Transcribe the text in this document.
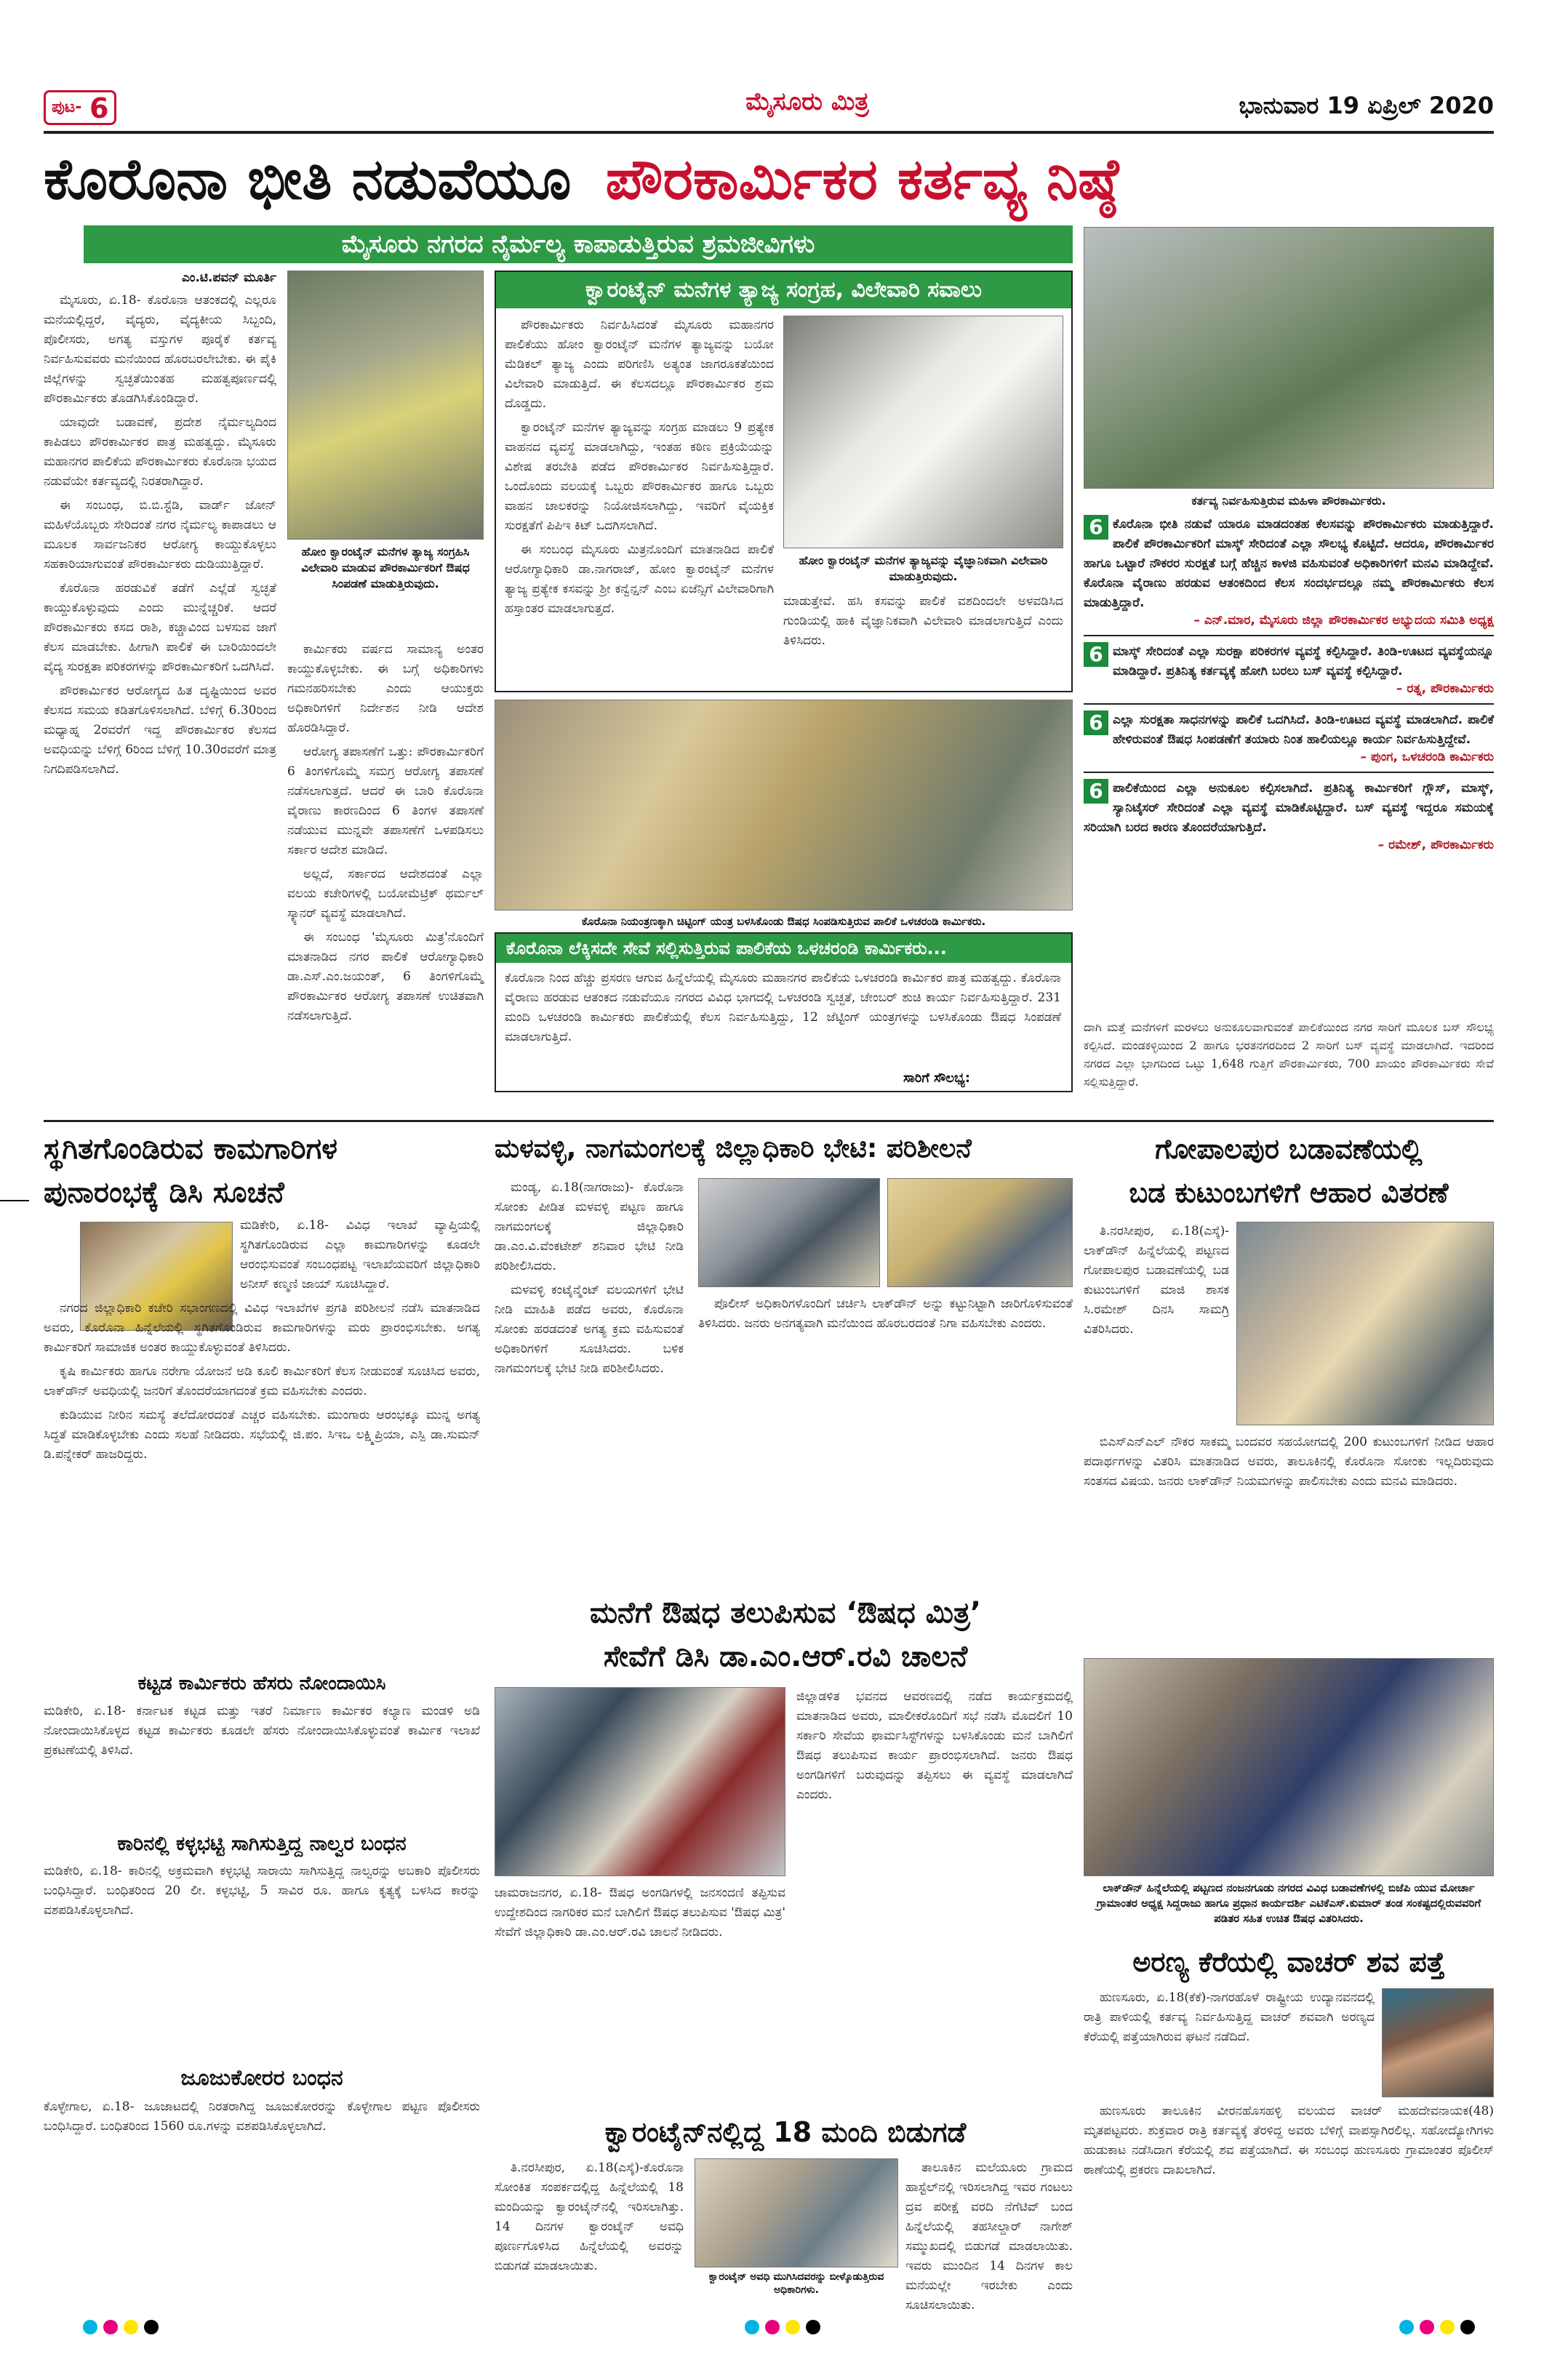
ಪುಟ- 6	ಮೈಸೂರು ಮಿತ್ರ	ಭಾನುವಾರ 19 ಏಪ್ರಿಲ್ 2020
ಕೊರೊನಾ ಭೀತಿ ನಡುವೆಯೂ ಪೌರಕಾರ್ಮಿಕರ ಕರ್ತವ್ಯ ನಿಷ್ಠೆ
ಮೈಸೂರು ನಗರದ ನೈರ್ಮಲ್ಯ ಕಾಪಾಡುತ್ತಿರುವ ಶ್ರಮಜೀವಿಗಳು
ಎಂ.ಟಿ.ಪವನ್ ಮೂರ್ತಿ

ಮೈಸೂರು, ಏ.18- ಕೊರೊನಾ ಆತಂಕದಲ್ಲಿ ಎಲ್ಲರೂ ಮನೆಯಲ್ಲಿದ್ದರೆ, ವೈದ್ಯರು, ವೈದ್ಯಕೀಯ ಸಿಬ್ಬಂದಿ, ಪೊಲೀಸರು, ಅಗತ್ಯ ವಸ್ತುಗಳ ಪೂರೈಕೆ ಕರ್ತವ್ಯ ನಿರ್ವಹಿಸುವವರು ಮನೆಯಿಂದ ಹೊರಬರಲೇಬೇಕು. ಈ ಪೈಕಿ ಜಿಲ್ಲೆಗಳನ್ನು ಸ್ವಚ್ಛತೆಯಿಂತಹ ಮಹತ್ವಪೂರ್ಣದಲ್ಲಿ ಪೌರಕಾರ್ಮಿಕರು ತೊಡಗಿಸಿಕೊಂಡಿದ್ದಾರೆ.

ಯಾವುದೇ ಬಡಾವಣೆ, ಪ್ರದೇಶ ನೈರ್ಮಲ್ಯದಿಂದ ಕಾಪಿಡಲು ಪೌರಕಾರ್ಮಿಕರ ಪಾತ್ರ ಮಹತ್ವದ್ದು. ಮೈಸೂರು ಮಹಾನಗರ ಪಾಲಿಕೆಯ ಪೌರಕಾರ್ಮಿಕರು ಕೊರೊನಾ ಭಯದ ನಡುವೆಯೇ ಕರ್ತವ್ಯದಲ್ಲಿ ನಿರತರಾಗಿದ್ದಾರೆ.

ಈ ಸಂಬಂಧ, ಬಿ.ಬಿ.ಸ್ಟೆಡಿ, ವಾರ್ಡ್ ಜೋನ್ ಮಹಿಳೆಯೊಬ್ಬರು ಸೇರಿದಂತೆ ನಗರ ನೈರ್ಮಲ್ಯ ಕಾಪಾಡಲು ಆ ಮೂಲಕ ಸಾರ್ವಜನಿಕರ ಆರೋಗ್ಯ ಕಾಯ್ದುಕೊಳ್ಳಲು ಸಹಕಾರಿಯಾಗುವಂತೆ ಪೌರಕಾರ್ಮಿಕರು ದುಡಿಯುತ್ತಿದ್ದಾರೆ.

ಕೊರೊನಾ ಹರಡುವಿಕೆ ತಡೆಗೆ ಎಲ್ಲೆಡೆ ಸ್ವಚ್ಛತೆ ಕಾಯ್ದುಕೊಳ್ಳುವುದು ಎಂದು ಮುನ್ನೆಚ್ಚರಿಕೆ. ಆದರೆ ಪೌರಕಾರ್ಮಿಕರು ಕಸದ ರಾಶಿ, ಕಚ್ಚಾವಿಂದ ಬಳಸುವ ಜಾಗೆ ಕೆಲಸ ಮಾಡಬೇಕು. ಹೀಗಾಗಿ ಪಾಲಿಕೆ ಈ ಬಾರಿಯಿಂದಲೇ ವೈದ್ಯ ಸುರಕ್ಷತಾ ಪರಿಕರಗಳನ್ನು ಪೌರಕಾರ್ಮಿಕರಿಗೆ ಒದಗಿಸಿದೆ.

ಪೌರಕಾರ್ಮಿಕರ ಆರೋಗ್ಯದ ಹಿತ ದೃಷ್ಟಿಯಿಂದ ಅವರ ಕೆಲಸದ ಸಮಯ ಕಡಿತಗೊಳಿಸಲಾಗಿದೆ. ಬೆಳಿಗ್ಗೆ 6.30ರಿಂದ ಮಧ್ಯಾಹ್ನ 2ರವರೆಗೆ ಇದ್ದ ಪೌರಕಾರ್ಮಿಕರ ಕೆಲಸದ ಅವಧಿಯನ್ನು ಬೆಳಿಗ್ಗೆ 6ರಿಂದ ಬೆಳಿಗ್ಗೆ 10.30ರವರೆಗೆ ಮಾತ್ರ ನಿಗದಿಪಡಿಸಲಾಗಿದೆ.

ಹೋಂ ಕ್ವಾರಂಟೈನ್ ಮನೆಗಳ ತ್ಯಾಜ್ಯ ಸಂಗ್ರಹಿಸಿ ವಿಲೇವಾರಿ ಮಾಡುವ ಪೌರಕಾರ್ಮಿಕರಿಗೆ ಔಷಧ ಸಿಂಪಡಣೆ ಮಾಡುತ್ತಿರುವುದು.

ಕಾರ್ಮಿಕರು ವರ್ಷದ ಸಾಮಾನ್ಯ ಅಂತರ ಕಾಯ್ದುಕೊಳ್ಳಬೇಕು. ಈ ಬಗ್ಗೆ ಅಧಿಕಾರಿಗಳು ಗಮನಹರಿಸಬೇಕು ಎಂದು ಆಯುಕ್ತರು ಅಧಿಕಾರಿಗಳಿಗೆ ನಿರ್ದೇಶನ ನೀಡಿ ಆದೇಶ ಹೊರಡಿಸಿದ್ದಾರೆ.

ಆರೋಗ್ಯ ತಪಾಸಣೆಗೆ ಒತ್ತು: ಪೌರಕಾರ್ಮಿಕರಿಗೆ 6 ತಿಂಗಳಿಗೊಮ್ಮೆ ಸಮಗ್ರ ಆರೋಗ್ಯ ತಪಾಸಣೆ ನಡೆಸಲಾಗುತ್ತದೆ. ಆದರೆ ಈ ಬಾರಿ ಕೊರೊನಾ ವೈರಾಣು ಕಾರಣದಿಂದ 6 ತಿಂಗಳ ತಪಾಸಣೆ ನಡೆಯುವ ಮುನ್ನವೇ ತಪಾಸಣೆಗೆ ಒಳಪಡಿಸಲು ಸರ್ಕಾರ ಆದೇಶ ಮಾಡಿದೆ.

ಅಲ್ಲದೆ, ಸರ್ಕಾರದ ಆದೇಶದಂತೆ ಎಲ್ಲಾ ವಲಯ ಕಚೇರಿಗಳಲ್ಲಿ ಬಯೋಮೆಟ್ರಿಕ್ ಥರ್ಮಲ್ ಸ್ಕ್ಯಾನರ್ ವ್ಯವಸ್ಥೆ ಮಾಡಲಾಗಿದೆ.

ಈ ಸಂಬಂಧ 'ಮೈಸೂರು ಮಿತ್ರ'ನೊಂದಿಗೆ ಮಾತನಾಡಿದ ನಗರ ಪಾಲಿಕೆ ಆರೋಗ್ಯಾಧಿಕಾರಿ ಡಾ.ಎಸ್.ಎಂ.ಜಯಂತ್, 6 ತಿಂಗಳಿಗೊಮ್ಮೆ ಪೌರಕಾರ್ಮಿಕರ ಆರೋಗ್ಯ ತಪಾಸಣೆ ಉಚಿತವಾಗಿ ನಡೆಸಲಾಗುತ್ತಿದೆ.

ಕ್ವಾರಂಟೈನ್ ಮನೆಗಳ ತ್ಯಾಜ್ಯ ಸಂಗ್ರಹ, ವಿಲೇವಾರಿ ಸವಾಲು

ಪೌರಕಾರ್ಮಿಕರು ನಿರ್ವಹಿಸಿದಂತೆ ಮೈಸೂರು ಮಹಾನಗರ ಪಾಲಿಕೆಯು ಹೋಂ ಕ್ವಾರಂಟೈನ್ ಮನೆಗಳ ತ್ಯಾಜ್ಯವನ್ನು ಬಯೋ ಮೆಡಿಕಲ್ ತ್ಯಾಜ್ಯ ಎಂದು ಪರಿಗಣಿಸಿ ಅತ್ಯಂತ ಜಾಗರೂಕತೆಯಿಂದ ವಿಲೇವಾರಿ ಮಾಡುತ್ತಿದೆ. ಈ ಕೆಲಸದಲ್ಲೂ ಪೌರಕಾರ್ಮಿಕರ ಶ್ರಮ ದೊಡ್ಡದು.

ಕ್ವಾರಂಟೈನ್ ಮನೆಗಳ ತ್ಯಾಜ್ಯವನ್ನು ಸಂಗ್ರಹ ಮಾಡಲು 9 ಪ್ರತ್ಯೇಕ ವಾಹನದ ವ್ಯವಸ್ಥೆ ಮಾಡಲಾಗಿದ್ದು, ಇಂತಹ ಕಠಿಣ ಪ್ರಕ್ರಿಯೆಯನ್ನು ವಿಶೇಷ ತರಬೇತಿ ಪಡೆದ ಪೌರಕಾರ್ಮಿಕರ ನಿರ್ವಹಿಸುತ್ತಿದ್ದಾರೆ. ಒಂದೊಂದು ವಲಯಕ್ಕೆ ಒಬ್ಬರು ಪೌರಕಾರ್ಮಿಕರ ಹಾಗೂ ಒಬ್ಬರು ವಾಹನ ಚಾಲಕರನ್ನು ನಿಯೋಜಿಸಲಾಗಿದ್ದು, ಇವರಿಗೆ ವೈಯಕ್ತಿಕ ಸುರಕ್ಷತೆಗೆ ಪಿಪಿಇ ಕಿಟ್ ಒದಗಿಸಲಾಗಿದೆ.

ಈ ಸಂಬಂಧ ಮೈಸೂರು ಮಿತ್ರನೊಂದಿಗೆ ಮಾತನಾಡಿದ ಪಾಲಿಕೆ ಆರೋಗ್ಯಾಧಿಕಾರಿ ಡಾ.ನಾಗರಾಜ್, ಹೋಂ ಕ್ವಾರಂಟೈನ್ ಮನೆಗಳ ತ್ಯಾಜ್ಯ ಪ್ರತ್ಯೇಕ ಕಸವನ್ನು ಶ್ರೀ ಕನ್ವೆನ್ಷನ್ ಎಂಬ ಏಜೆನ್ಸಿಗೆ ವಿಲೇವಾರಿಗಾಗಿ ಹಸ್ತಾಂತರ ಮಾಡಲಾಗುತ್ತದೆ.

ಹೋಂ ಕ್ವಾರಂಟೈನ್ ಮನೆಗಳ ತ್ಯಾಜ್ಯವನ್ನು ವೈಜ್ಞಾನಿಕವಾಗಿ ವಿಲೇವಾರಿ ಮಾಡುತ್ತಿರುವುದು.
ಮಾಡುತ್ತೇವೆ. ಹಸಿ ಕಸವನ್ನು ಪಾಲಿಕೆ ವಶದಿಂದಲೇ ಅಳವಡಿಸಿದ ಗುಂಡಿಯಲ್ಲಿ ಹಾಕಿ ವೈಜ್ಞಾನಿಕವಾಗಿ ವಿಲೇವಾರಿ ಮಾಡಲಾಗುತ್ತಿದೆ ಎಂದು ತಿಳಿಸಿದರು.
ಕರ್ತವ್ಯ ನಿರ್ವಹಿಸುತ್ತಿರುವ ಮಹಿಳಾ ಪೌರಕಾರ್ಮಿಕರು.
6 ಕೊರೊನಾ ಭೀತಿ ನಡುವೆ ಯಾರೂ ಮಾಡದಂತಹ ಕೆಲಸವನ್ನು ಪೌರಕಾರ್ಮಿಕರು ಮಾಡುತ್ತಿದ್ದಾರೆ. ಪಾಲಿಕೆ ಪೌರಕಾರ್ಮಿಕರಿಗೆ ಮಾಸ್ಕ್ ಸೇರಿದಂತೆ ಎಲ್ಲಾ ಸೌಲಭ್ಯ ಕೊಟ್ಟಿದೆ. ಆದರೂ, ಪೌರಕಾರ್ಮಿಕರ ಹಾಗೂ ಒಟ್ಟಾರೆ ನೌಕರರ ಸುರಕ್ಷತೆ ಬಗ್ಗೆ ಹೆಚ್ಚಿನ ಕಾಳಜಿ ವಹಿಸುವಂತೆ ಅಧಿಕಾರಿಗಳಿಗೆ ಮನವಿ ಮಾಡಿದ್ದೇವೆ. ಕೊರೊನಾ ವೈರಾಣು ಹರಡುವ ಆತಂಕದಿಂದ ಕೆಲಸ ಸಂದರ್ಭದಲ್ಲೂ ನಮ್ಮ ಪೌರಕಾರ್ಮಿಕರು ಕೆಲಸ ಮಾಡುತ್ತಿದ್ದಾರೆ.
– ಎನ್.ಮಾರ, ಮೈಸೂರು ಜಿಲ್ಲಾ ಪೌರಕಾರ್ಮಿಕರ ಅಭ್ಯುದಯ ಸಮಿತಿ ಅಧ್ಯಕ್ಷ
6 ಮಾಸ್ಕ್ ಸೇರಿದಂತೆ ಎಲ್ಲಾ ಸುರಕ್ಷಾ ಪರಿಕರಗಳ ವ್ಯವಸ್ಥೆ ಕಲ್ಪಿಸಿದ್ದಾರೆ. ತಿಂಡಿ-ಊಟದ ವ್ಯವಸ್ಥೆಯನ್ನೂ ಮಾಡಿದ್ದಾರೆ. ಪ್ರತಿನಿತ್ಯ ಕರ್ತವ್ಯಕ್ಕೆ ಹೋಗಿ ಬರಲು ಬಸ್ ವ್ಯವಸ್ಥೆ ಕಲ್ಪಿಸಿದ್ದಾರೆ.
– ರತ್ನ, ಪೌರಕಾರ್ಮಿಕರು
6 ಎಲ್ಲಾ ಸುರಕ್ಷತಾ ಸಾಧನಗಳನ್ನು ಪಾಲಿಕೆ ಒದಗಿಸಿದೆ. ತಿಂಡಿ-ಊಟದ ವ್ಯವಸ್ಥೆ ಮಾಡಲಾಗಿದೆ. ಪಾಲಿಕೆ ಹೇಳಿರುವಂತೆ ಔಷಧ ಸಿಂಪಡಣೆಗೆ ತಯಾರು ನಿಂತ ಹಾಲಿಯಲ್ಲೂ ಕಾರ್ಯ ನಿರ್ವಹಿಸುತ್ತಿದ್ದೇವೆ.
– ಪುಂಗ, ಒಳಚರಂಡಿ ಕಾರ್ಮಿಕರು
6 ಪಾಲಿಕೆಯಿಂದ ಎಲ್ಲಾ ಅನುಕೂಲ ಕಲ್ಪಿಸಲಾಗಿದೆ. ಪ್ರತಿನಿತ್ಯ ಕಾರ್ಮಿಕರಿಗೆ ಗ್ಲೌಸ್, ಮಾಸ್ಕ್, ಸ್ಯಾನಿಟೈಸರ್ ಸೇರಿದಂತೆ ಎಲ್ಲಾ ವ್ಯವಸ್ಥೆ ಮಾಡಿಕೊಟ್ಟಿದ್ದಾರೆ. ಬಸ್ ವ್ಯವಸ್ಥೆ ಇದ್ದರೂ ಸಮಯಕ್ಕೆ ಸರಿಯಾಗಿ ಬರದ ಕಾರಣ ತೊಂದರೆಯಾಗುತ್ತಿದೆ.
– ರಮೇಶ್, ಪೌರಕಾರ್ಮಿಕರು
ಕೊರೊನಾ ನಿಯಂತ್ರಣಕ್ಕಾಗಿ ಚಿಟ್ಟಿಂಗ್ ಯಂತ್ರ ಬಳಸಿಕೊಂಡು ಔಷಧ ಸಿಂಪಡಿಸುತ್ತಿರುವ ಪಾಲಿಕೆ ಒಳಚರಂಡಿ ಕಾರ್ಮಿಕರು.
ಕೊರೊನಾ ಲೆಕ್ಕಿಸದೇ ಸೇವೆ ಸಲ್ಲಿಸುತ್ತಿರುವ ಪಾಲಿಕೆಯ ಒಳಚರಂಡಿ ಕಾರ್ಮಿಕರು...
ಕೊರೊನಾ ನಿಂದ ಹೆಚ್ಚು ಪ್ರಸರಣ ಆಗುವ ಹಿನ್ನೆಲೆಯಲ್ಲಿ ಮೈಸೂರು ಮಹಾನಗರ ಪಾಲಿಕೆಯ ಒಳಚರಂಡಿ ಕಾರ್ಮಿಕರ ಪಾತ್ರ ಮಹತ್ವದ್ದು. ಕೊರೊನಾ ವೈರಾಣು ಹರಡುವ ಆತಂಕದ ನಡುವೆಯೂ ನಗರದ ವಿವಿಧ ಭಾಗದಲ್ಲಿ ಒಳಚರಂಡಿ ಸ್ವಚ್ಛತೆ, ಚೇಂಬರ್ ಶುಚಿ ಕಾರ್ಯ ನಿರ್ವಹಿಸುತ್ತಿದ್ದಾರೆ. 231 ಮಂದಿ ಒಳಚರಂಡಿ ಕಾರ್ಮಿಕರು ಪಾಲಿಕೆಯಲ್ಲಿ ಕೆಲಸ ನಿರ್ವಹಿಸುತ್ತಿದ್ದು, 12 ಜೆಟ್ಟಿಂಗ್ ಯಂತ್ರಗಳನ್ನು ಬಳಸಿಕೊಂಡು ಔಷಧ ಸಿಂಪಡಣೆ ಮಾಡಲಾಗುತ್ತಿದೆ.
ಸಾರಿಗೆ ಸೌಲಭ್ಯ:
ದಾಗಿ ಮತ್ತೆ ಮನೆಗಳಿಗೆ ಮರಳಲು ಅನುಕೂಲವಾಗುವಂತೆ ಪಾಲಿಕೆಯಿಂದ ನಗರ ಸಾರಿಗೆ ಮೂಲಕ ಬಸ್ ಸೌಲಭ್ಯ ಕಲ್ಪಿಸಿದೆ. ಮಂಡಕಳ್ಳಿಯಿಂದ 2 ಹಾಗೂ ಭರತನಗರದಿಂದ 2 ಸಾರಿಗೆ ಬಸ್ ವ್ಯವಸ್ಥೆ ಮಾಡಲಾಗಿದೆ. ಇದರಿಂದ ನಗರದ ಎಲ್ಲಾ ಭಾಗದಿಂದ ಒಟ್ಟು 1,648 ಗುತ್ತಿಗೆ ಪೌರಕಾರ್ಮಿಕರು, 700 ಖಾಯಂ ಪೌರಕಾರ್ಮಿಕರು ಸೇವೆ ಸಲ್ಲಿಸುತ್ತಿದ್ದಾರೆ.
ಸ್ಥಗಿತಗೊಂಡಿರುವ ಕಾಮಗಾರಿಗಳ
ಪುನಾರಂಭಕ್ಕೆ ಡಿಸಿ ಸೂಚನೆ

ಮಡಿಕೇರಿ, ಏ.18- ವಿವಿಧ ಇಲಾಖೆ ವ್ಯಾಪ್ತಿಯಲ್ಲಿ ಸ್ಥಗಿತಗೊಂಡಿರುವ ಎಲ್ಲಾ ಕಾಮಗಾರಿಗಳನ್ನು ಕೂಡಲೇ ಆರಂಭಿಸುವಂತೆ ಸಂಬಂಧಪಟ್ಟ ಇಲಾಖೆಯವರಿಗೆ ಜಿಲ್ಲಾಧಿಕಾರಿ ಅನೀಸ್ ಕಣ್ಮಣಿ ಜಾಯ್ ಸೂಚಿಸಿದ್ದಾರೆ.

ನಗರದ ಜಿಲ್ಲಾಧಿಕಾರಿ ಕಚೇರಿ ಸಭಾಂಗಣದಲ್ಲಿ ವಿವಿಧ ಇಲಾಖೆಗಳ ಪ್ರಗತಿ ಪರಿಶೀಲನೆ ನಡೆಸಿ ಮಾತನಾಡಿದ ಅವರು, ಕೊರೊನಾ ಹಿನ್ನೆಲೆಯಲ್ಲಿ ಸ್ಥಗಿತಗೊಂಡಿರುವ ಕಾಮಗಾರಿಗಳನ್ನು ಮರು ಪ್ರಾರಂಭಿಸಬೇಕು. ಅಗತ್ಯ ಕಾರ್ಮಿಕರಿಗೆ ಸಾಮಾಜಿಕ ಅಂತರ ಕಾಯ್ದುಕೊಳ್ಳುವಂತೆ ತಿಳಿಸಿದರು.

ಕೃಷಿ ಕಾರ್ಮಿಕರು ಹಾಗೂ ನರೇಗಾ ಯೋಜನೆ ಅಡಿ ಕೂಲಿ ಕಾರ್ಮಿಕರಿಗೆ ಕೆಲಸ ನೀಡುವಂತೆ ಸೂಚಿಸಿದ ಅವರು, ಲಾಕ್‌ಡೌನ್ ಅವಧಿಯಲ್ಲಿ ಜನರಿಗೆ ತೊಂದರೆಯಾಗದಂತೆ ಕ್ರಮ ವಹಿಸಬೇಕು ಎಂದರು.

ಕುಡಿಯುವ ನೀರಿನ ಸಮಸ್ಯೆ ತಲೆದೋರದಂತೆ ಎಚ್ಚರ ವಹಿಸಬೇಕು. ಮುಂಗಾರು ಆರಂಭಕ್ಕೂ ಮುನ್ನ ಅಗತ್ಯ ಸಿದ್ಧತೆ ಮಾಡಿಕೊಳ್ಳಬೇಕು ಎಂದು ಸಲಹೆ ನೀಡಿದರು. ಸಭೆಯಲ್ಲಿ ಜಿ.ಪಂ. ಸಿಇಒ ಲಕ್ಷ್ಮಿಪ್ರಿಯಾ, ಎಸ್ಪಿ ಡಾ.ಸುಮನ್ ಡಿ.ಪನ್ನೇಕರ್ ಹಾಜರಿದ್ದರು.

ಕಟ್ಟಡ ಕಾರ್ಮಿಕರು ಹೆಸರು ನೋಂದಾಯಿಸಿ
ಮಡಿಕೇರಿ, ಏ.18- ಕರ್ನಾಟಕ ಕಟ್ಟಡ ಮತ್ತು ಇತರೆ ನಿರ್ಮಾಣ ಕಾರ್ಮಿಕರ ಕಲ್ಯಾಣ ಮಂಡಳಿ ಅಡಿ ನೋಂದಾಯಿಸಿಕೊಳ್ಳದ ಕಟ್ಟಡ ಕಾರ್ಮಿಕರು ಕೂಡಲೇ ಹೆಸರು ನೋಂದಾಯಿಸಿಕೊಳ್ಳುವಂತೆ ಕಾರ್ಮಿಕ ಇಲಾಖೆ ಪ್ರಕಟಣೆಯಲ್ಲಿ ತಿಳಿಸಿದೆ.
ಕಾರಿನಲ್ಲಿ ಕಳ್ಳಭಟ್ಟಿ ಸಾಗಿಸುತ್ತಿದ್ದ ನಾಲ್ವರ ಬಂಧನ
ಮಡಿಕೇರಿ, ಏ.18- ಕಾರಿನಲ್ಲಿ ಅಕ್ರಮವಾಗಿ ಕಳ್ಳಭಟ್ಟಿ ಸಾರಾಯಿ ಸಾಗಿಸುತ್ತಿದ್ದ ನಾಲ್ವರನ್ನು ಅಬಕಾರಿ ಪೊಲೀಸರು ಬಂಧಿಸಿದ್ದಾರೆ. ಬಂಧಿತರಿಂದ 20 ಲೀ. ಕಳ್ಳಭಟ್ಟಿ, 5 ಸಾವಿರ ರೂ. ಹಾಗೂ ಕೃತ್ಯಕ್ಕೆ ಬಳಸಿದ ಕಾರನ್ನು ವಶಪಡಿಸಿಕೊಳ್ಳಲಾಗಿದೆ.
ಜೂಜುಕೋರರ ಬಂಧನ
ಕೊಳ್ಳೇಗಾಲ, ಏ.18- ಜೂಜಾಟದಲ್ಲಿ ನಿರತರಾಗಿದ್ದ ಜೂಜುಕೋರರನ್ನು ಕೊಳ್ಳೇಗಾಲ ಪಟ್ಟಣ ಪೊಲೀಸರು ಬಂಧಿಸಿದ್ದಾರೆ. ಬಂಧಿತರಿಂದ 1560 ರೂ.ಗಳನ್ನು ವಶಪಡಿಸಿಕೊಳ್ಳಲಾಗಿದೆ.
ಮಳವಳ್ಳಿ, ನಾಗಮಂಗಲಕ್ಕೆ ಜಿಲ್ಲಾಧಿಕಾರಿ ಭೇಟಿ: ಪರಿಶೀಲನೆ

ಮಂಡ್ಯ, ಏ.18(ನಾಗರಾಜು)- ಕೊರೊನಾ ಸೋಂಕು ಪೀಡಿತ ಮಳವಳ್ಳಿ ಪಟ್ಟಣ ಹಾಗೂ ನಾಗಮಂಗಲಕ್ಕೆ ಜಿಲ್ಲಾಧಿಕಾರಿ ಡಾ.ಎಂ.ವಿ.ವೆಂಕಟೇಶ್ ಶನಿವಾರ ಭೇಟಿ ನೀಡಿ ಪರಿಶೀಲಿಸಿದರು.

ಮಳವಳ್ಳಿ ಕಂಟೈನ್ಮೆಂಟ್ ವಲಯಗಳಿಗೆ ಭೇಟಿ ನೀಡಿ ಮಾಹಿತಿ ಪಡೆದ ಅವರು, ಕೊರೊನಾ ಸೋಂಕು ಹರಡದಂತೆ ಅಗತ್ಯ ಕ್ರಮ ವಹಿಸುವಂತೆ ಅಧಿಕಾರಿಗಳಿಗೆ ಸೂಚಿಸಿದರು. ಬಳಿಕ ನಾಗಮಂಗಲಕ್ಕೆ ಭೇಟಿ ನೀಡಿ ಪರಿಶೀಲಿಸಿದರು.

ಪೊಲೀಸ್ ಅಧಿಕಾರಿಗಳೊಂದಿಗೆ ಚರ್ಚಿಸಿ ಲಾಕ್‌ಡೌನ್ ಅನ್ನು ಕಟ್ಟುನಿಟ್ಟಾಗಿ ಜಾರಿಗೊಳಿಸುವಂತೆ ತಿಳಿಸಿದರು. ಜನರು ಅನಗತ್ಯವಾಗಿ ಮನೆಯಿಂದ ಹೊರಬರದಂತೆ ನಿಗಾ ವಹಿಸಬೇಕು ಎಂದರು.

ಮನೆಗೆ ಔಷಧ ತಲುಪಿಸುವ ‘ಔಷಧ ಮಿತ್ರ’
ಸೇವೆಗೆ ಡಿಸಿ ಡಾ.ಎಂ.ಆರ್.ರವಿ ಚಾಲನೆ
ಚಾಮರಾಜನಗರ, ಏ.18- ಔಷಧ ಅಂಗಡಿಗಳಲ್ಲಿ ಜನಸಂದಣಿ ತಪ್ಪಿಸುವ ಉದ್ದೇಶದಿಂದ ನಾಗರಿಕರ ಮನೆ ಬಾಗಿಲಿಗೆ ಔಷಧ ತಲುಪಿಸುವ 'ಔಷಧ ಮಿತ್ರ' ಸೇವೆಗೆ ಜಿಲ್ಲಾಧಿಕಾರಿ ಡಾ.ಎಂ.ಆರ್.ರವಿ ಚಾಲನೆ ನೀಡಿದರು.
ಜಿಲ್ಲಾಡಳಿತ ಭವನದ ಆವರಣದಲ್ಲಿ ನಡೆದ ಕಾರ್ಯಕ್ರಮದಲ್ಲಿ ಮಾತನಾಡಿದ ಅವರು, ಮಾಲೀಕರೊಂದಿಗೆ ಸಭೆ ನಡೆಸಿ ಮೊದಲಿಗೆ 10 ಸರ್ಕಾರಿ ಸೇವೆಯ ಫಾರ್ಮಸಿಸ್ಟ್‌ಗಳನ್ನು ಬಳಸಿಕೊಂಡು ಮನೆ ಬಾಗಿಲಿಗೆ ಔಷಧ ತಲುಪಿಸುವ ಕಾರ್ಯ ಪ್ರಾರಂಭಿಸಲಾಗಿದೆ. ಜನರು ಔಷಧ ಅಂಗಡಿಗಳಿಗೆ ಬರುವುದನ್ನು ತಪ್ಪಿಸಲು ಈ ವ್ಯವಸ್ಥೆ ಮಾಡಲಾಗಿದೆ ಎಂದರು.
ಕ್ವಾರಂಟೈನ್‌ನಲ್ಲಿದ್ದ 18 ಮಂದಿ ಬಿಡುಗಡೆ

ತಿ.ನರಸೀಪುರ, ಏ.18(ಎಸ್ಕೆ)-ಕೊರೊನಾ ಸೋಂಕಿತ ಸಂಪರ್ಕದಲ್ಲಿದ್ದ ಹಿನ್ನೆಲೆಯಲ್ಲಿ 18 ಮಂದಿಯನ್ನು ಕ್ವಾರಂಟೈನ್‌ನಲ್ಲಿ ಇರಿಸಲಾಗಿತ್ತು. 14 ದಿನಗಳ ಕ್ವಾರಂಟೈನ್ ಅವಧಿ ಪೂರ್ಣಗೊಳಿಸಿದ ಹಿನ್ನೆಲೆಯಲ್ಲಿ ಅವರನ್ನು ಬಿಡುಗಡೆ ಮಾಡಲಾಯಿತು.

ಕ್ವಾರಂಟೈನ್ ಅವಧಿ ಮುಗಿಸಿದವರನ್ನು ಬೀಳ್ಕೊಡುತ್ತಿರುವ ಅಧಿಕಾರಿಗಳು.

ತಾಲೂಕಿನ ಮಲೆಯೂರು ಗ್ರಾಮದ ಹಾಸ್ಟೆಲ್‌ನಲ್ಲಿ ಇರಿಸಲಾಗಿದ್ದ ಇವರ ಗಂಟಲು ದ್ರವ ಪರೀಕ್ಷೆ ವರದಿ ನೆಗೆಟಿವ್ ಬಂದ ಹಿನ್ನೆಲೆಯಲ್ಲಿ ತಹಸೀಲ್ದಾರ್ ನಾಗೇಶ್ ಸಮ್ಮುಖದಲ್ಲಿ ಬಿಡುಗಡೆ ಮಾಡಲಾಯಿತು. ಇವರು ಮುಂದಿನ 14 ದಿನಗಳ ಕಾಲ ಮನೆಯಲ್ಲೇ ಇರಬೇಕು ಎಂದು ಸೂಚಿಸಲಾಯಿತು.

ಗೋಪಾಲಪುರ ಬಡಾವಣೆಯಲ್ಲಿ
ಬಡ ಕುಟುಂಬಗಳಿಗೆ ಆಹಾರ ವಿತರಣೆ

ತಿ.ನರಸೀಪುರ, ಏ.18(ಎಸ್ಕೆ)- ಲಾಕ್‌ಡೌನ್ ಹಿನ್ನೆಲೆಯಲ್ಲಿ ಪಟ್ಟಣದ ಗೋಪಾಲಪುರ ಬಡಾವಣೆಯಲ್ಲಿ ಬಡ ಕುಟುಂಬಗಳಿಗೆ ಮಾಜಿ ಶಾಸಕ ಸಿ.ರಮೇಶ್ ದಿನಸಿ ಸಾಮಗ್ರಿ ವಿತರಿಸಿದರು.

ಬಿಎಸ್ಎನ್ಎಲ್ ನೌಕರ ಸಾಕಮ್ಮ ಬಂದವರ ಸಹಯೋಗದಲ್ಲಿ 200 ಕುಟುಂಬಗಳಿಗೆ ನೀಡಿದ ಆಹಾರ ಪದಾರ್ಥಗಳನ್ನು ವಿತರಿಸಿ ಮಾತನಾಡಿದ ಅವರು, ತಾಲೂಕಿನಲ್ಲಿ ಕೊರೊನಾ ಸೋಂಕು ಇಲ್ಲದಿರುವುದು ಸಂತಸದ ವಿಷಯ. ಜನರು ಲಾಕ್‌ಡೌನ್ ನಿಯಮಗಳನ್ನು ಪಾಲಿಸಬೇಕು ಎಂದು ಮನವಿ ಮಾಡಿದರು.

ಲಾಕ್‌ಡೌನ್ ಹಿನ್ನೆಲೆಯಲ್ಲಿ ಪಟ್ಟಣದ ನಂಜನಗೂಡು ನಗರದ ವಿವಿಧ ಬಡಾವಣೆಗಳಲ್ಲಿ ಬಿಜೆಪಿ ಯುವ ಮೋರ್ಚಾ ಗ್ರಾಮಾಂತರ ಅಧ್ಯಕ್ಷ ಸಿದ್ದರಾಜು ಹಾಗೂ ಪ್ರಧಾನ ಕಾರ್ಯದರ್ಶಿ ಎಟಿಕೆಎಸ್.ಕುಮಾರ್ ತಂಡ ಸಂಕಷ್ಟದಲ್ಲಿರುವವರಿಗೆ ಪಡಿತರ ಸಹಿತ ಉಚಿತ ಔಷಧ ವಿತರಿಸಿದರು.
ಅರಣ್ಯ ಕೆರೆಯಲ್ಲಿ ವಾಚರ್ ಶವ ಪತ್ತೆ

ಹುಣಸೂರು, ಏ.18(ಕೆಕೆ)-ನಾಗರಹೊಳೆ ರಾಷ್ಟ್ರೀಯ ಉದ್ಯಾನವನದಲ್ಲಿ ರಾತ್ರಿ ಪಾಳಿಯಲ್ಲಿ ಕರ್ತವ್ಯ ನಿರ್ವಹಿಸುತ್ತಿದ್ದ ವಾಚರ್ ಶವವಾಗಿ ಅರಣ್ಯದ ಕೆರೆಯಲ್ಲಿ ಪತ್ತೆಯಾಗಿರುವ ಘಟನೆ ನಡೆದಿದೆ.

ಹುಣಸೂರು ತಾಲೂಕಿನ ವೀರನಹೊಸಹಳ್ಳಿ ವಲಯದ ವಾಚರ್ ಮಹದೇವನಾಯಕ(48) ಮೃತಪಟ್ಟವರು. ಶುಕ್ರವಾರ ರಾತ್ರಿ ಕರ್ತವ್ಯಕ್ಕೆ ತೆರಳಿದ್ದ ಅವರು ಬೆಳಿಗ್ಗೆ ವಾಪಸ್ಸಾಗಿರಲಿಲ್ಲ. ಸಹೋದ್ಯೋಗಿಗಳು ಹುಡುಕಾಟ ನಡೆಸಿದಾಗ ಕೆರೆಯಲ್ಲಿ ಶವ ಪತ್ತೆಯಾಗಿದೆ. ಈ ಸಂಬಂಧ ಹುಣಸೂರು ಗ್ರಾಮಾಂತರ ಪೊಲೀಸ್ ಠಾಣೆಯಲ್ಲಿ ಪ್ರಕರಣ ದಾಖಲಾಗಿದೆ.
